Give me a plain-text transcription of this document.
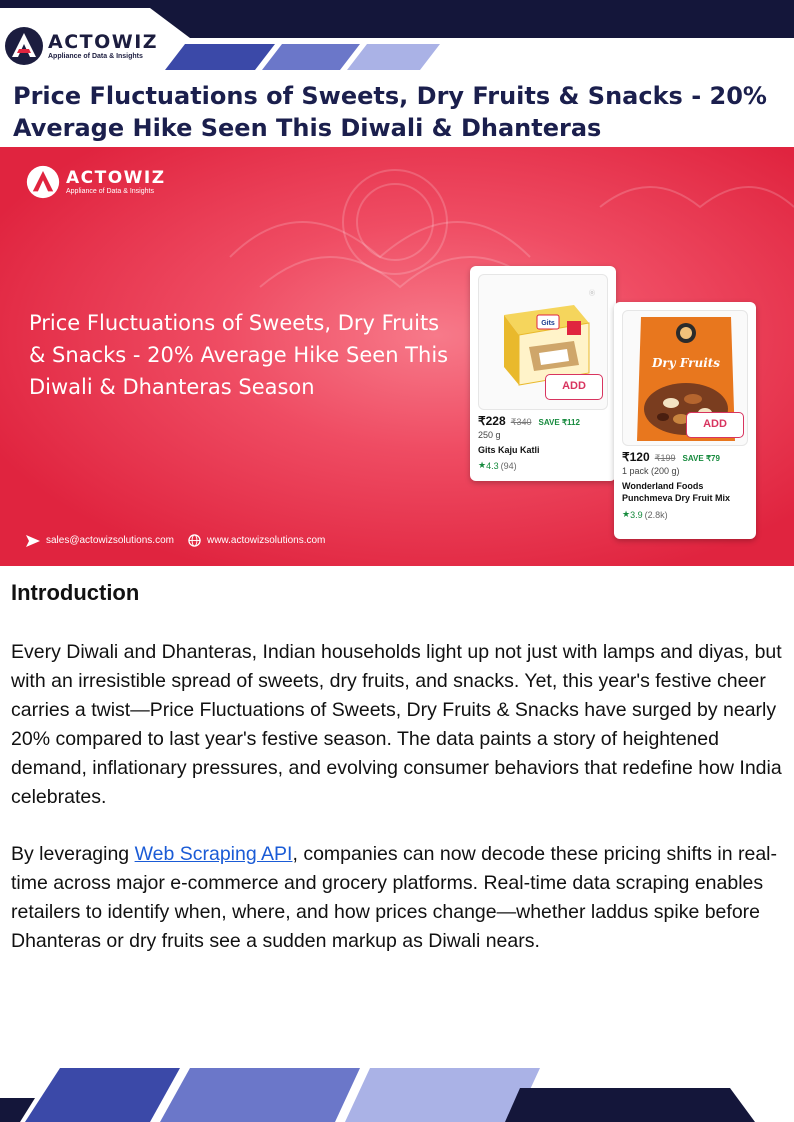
ACTOWIZ
Appliance of Data & Insights
Price Fluctuations of Sweets, Dry Fruits & Snacks - 20% Average Hike Seen This Diwali & Dhanteras
ACTOWIZ
Appliance of Data & Insights
Price Fluctuations of Sweets, Dry Fruits & Snacks - 20% Average Hike Seen This Diwali & Dhanteras Season
Gits
⓪
ADD
₹228 ₹340 SAVE ₹112
250 g
Gits Kaju Katli
★ 4.3 (94)
Dry Fruits
ADD
₹120 ₹199 SAVE ₹79
1 pack (200 g)
Wonderland Foods Punchmeva Dry Fruit Mix
★ 3.9 (2.8k)
sales@actowizsolutions.com	www.actowizsolutions.com
Introduction

Every Diwali and Dhanteras, Indian households light up not just with lamps and diyas, but with an irresistible spread of sweets, dry fruits, and snacks. Yet, this year's festive cheer carries a twist—Price Fluctuations of Sweets, Dry Fruits & Snacks have surged by nearly 20% compared to last year's festive season. The data paints a story of heightened demand, inflationary pressures, and evolving consumer behaviors that redefine how India celebrates.

By leveraging Web Scraping API, companies can now decode these pricing shifts in real-time across major e-commerce and grocery platforms. Real-time data scraping enables retailers to identify when, where, and how prices change—whether laddus spike before Dhanteras or dry fruits see a sudden markup as Diwali nears.
